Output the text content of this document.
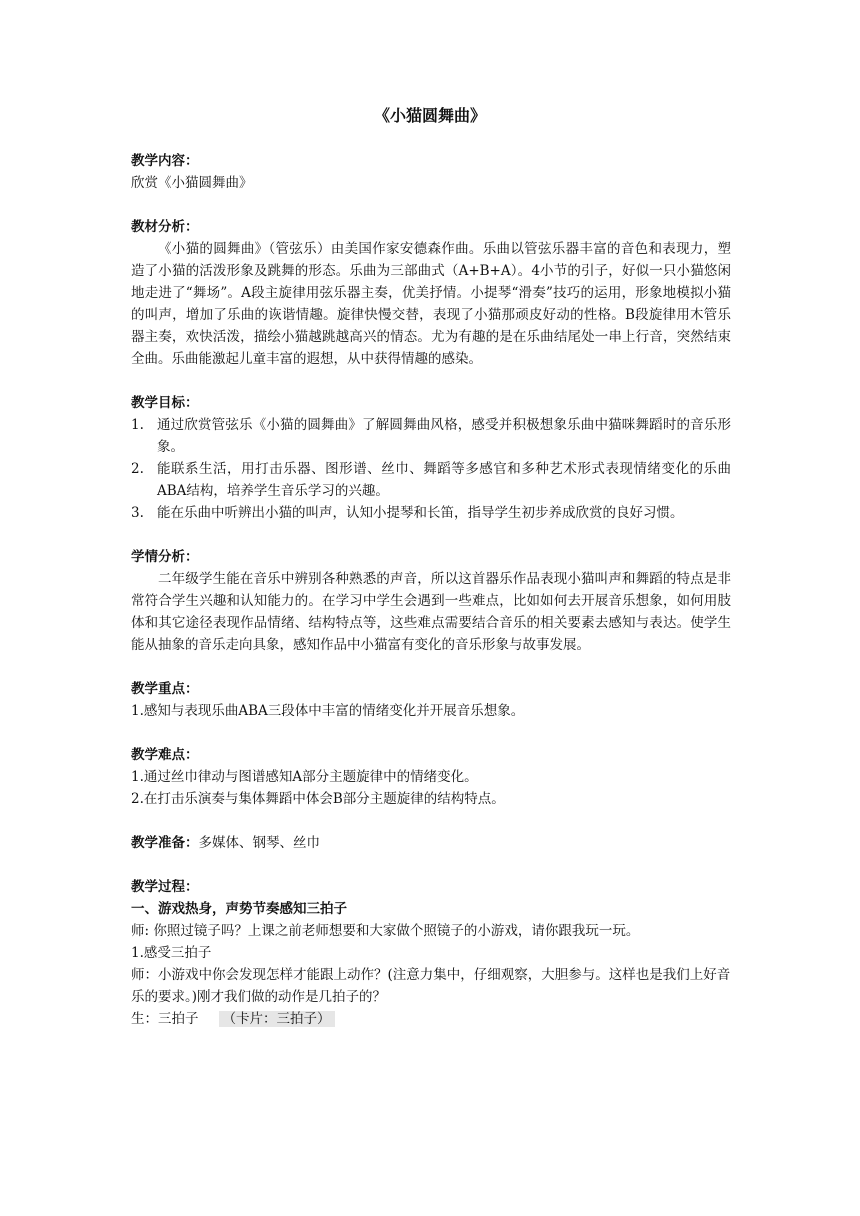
《小猫圆舞曲》
教学内容：

欣赏《小猫圆舞曲》

教材分析：

《小猫的圆舞曲》（管弦乐）由美国作家安德森作曲。乐曲以管弦乐器丰富的音色和表现力，塑造了小猫的活泼形象及跳舞的形态。乐曲为三部曲式（A+B+A）。4小节的引子，好似一只小猫悠闲地走进了“舞场”。A段主旋律用弦乐器主奏，优美抒情。小提琴“滑奏”技巧的运用，形象地模拟小猫的叫声，增加了乐曲的诙谐情趣。旋律快慢交替，表现了小猫那顽皮好动的性格。B段旋律用木管乐器主奏，欢快活泼，描绘小猫越跳越高兴的情态。尤为有趣的是在乐曲结尾处一串上行音，突然结束全曲。乐曲能激起儿童丰富的遐想，从中获得情趣的感染。

教学目标：
1. 通过欣赏管弦乐《小猫的圆舞曲》了解圆舞曲风格，感受并积极想象乐曲中猫咪舞蹈时的音乐形象。
2. 能联系生活，用打击乐器、图形谱、丝巾、舞蹈等多感官和多种艺术形式表现情绪变化的乐曲ABA结构，培养学生音乐学习的兴趣。
3. 能在乐曲中听辨出小猫的叫声，认知小提琴和长笛，指导学生初步养成欣赏的良好习惯。
学情分析：

二年级学生能在音乐中辨别各种熟悉的声音，所以这首器乐作品表现小猫叫声和舞蹈的特点是非常符合学生兴趣和认知能力的。在学习中学生会遇到一些难点，比如如何去开展音乐想象，如何用肢体和其它途径表现作品情绪、结构特点等，这些难点需要结合音乐的相关要素去感知与表达。使学生能从抽象的音乐走向具象，感知作品中小猫富有变化的音乐形象与故事发展。

教学重点：

1.感知与表现乐曲ABA三段体中丰富的情绪变化并开展音乐想象。

教学难点：

1.通过丝巾律动与图谱感知A部分主题旋律中的情绪变化。

2.在打击乐演奏与集体舞蹈中体会B部分主题旋律的结构特点。

教学准备：多媒体、钢琴、丝巾

教学过程：
一、游戏热身，声势节奏感知三拍子

师: 你照过镜子吗？上课之前老师想要和大家做个照镜子的小游戏，请你跟我玩一玩。

1.感受三拍子

师：小游戏中你会发现怎样才能跟上动作？(注意力集中，仔细观察，大胆参与。这样也是我们上好音乐的要求。)刚才我们做的动作是几拍子的？

生：三拍子 （卡片：三拍子）
